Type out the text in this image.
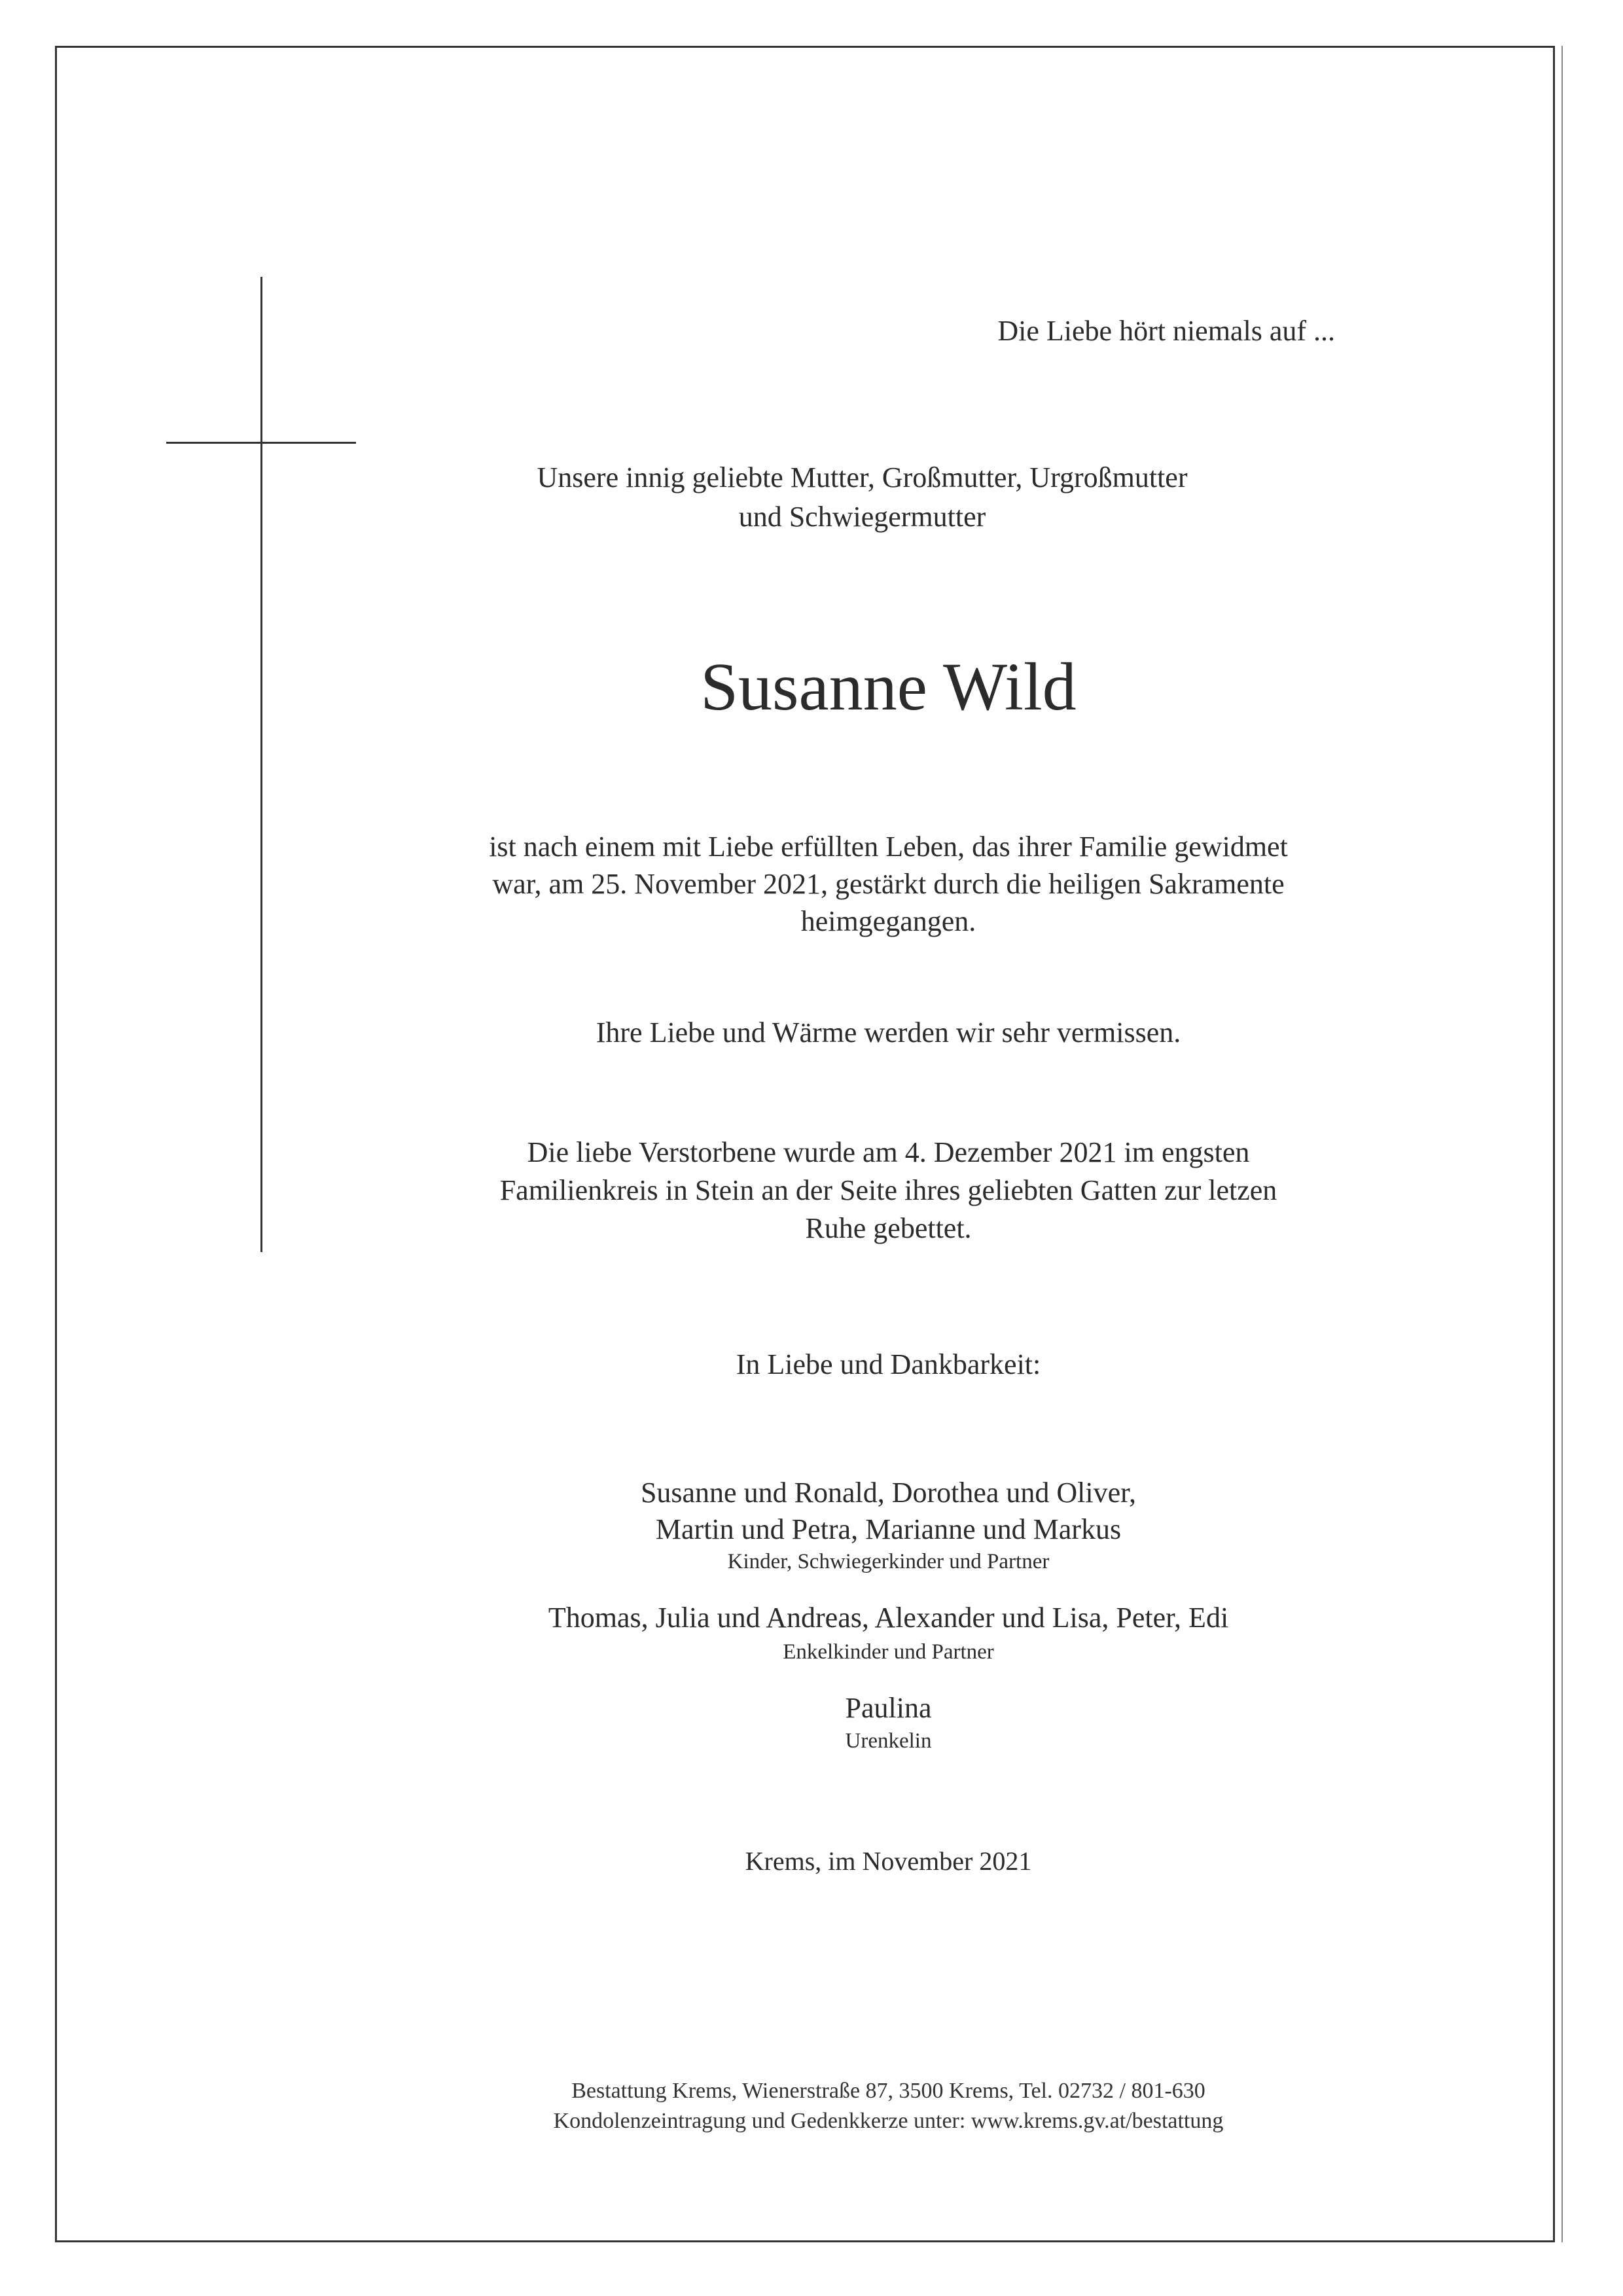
Die Liebe hört niemals auf ...

Unsere innig geliebte Mutter, Großmutter, Urgroßmutter
und Schwiegermutter

Susanne Wild

ist nach einem mit Liebe erfüllten Leben, das ihrer Familie gewidmet
war, am 25. November 2021, gestärkt durch die heiligen Sakramente
heimgegangen.

Ihre Liebe und Wärme werden wir sehr vermissen.

Die liebe Verstorbene wurde am 4. Dezember 2021 im engsten
Familienkreis in Stein an der Seite ihres geliebten Gatten zur letzen
Ruhe gebettet.

In Liebe und Dankbarkeit:

Susanne und Ronald, Dorothea und Oliver,
Martin und Petra, Marianne und Markus

Kinder, Schwiegerkinder und Partner

Thomas, Julia und Andreas, Alexander und Lisa, Peter, Edi

Enkelkinder und Partner

Paulina

Urenkelin

Krems, im November 2021

Bestattung Krems, Wienerstraße 87, 3500 Krems, Tel. 02732 / 801-630
Kondolenzeintragung und Gedenkkerze unter: www.krems.gv.at/bestattung
